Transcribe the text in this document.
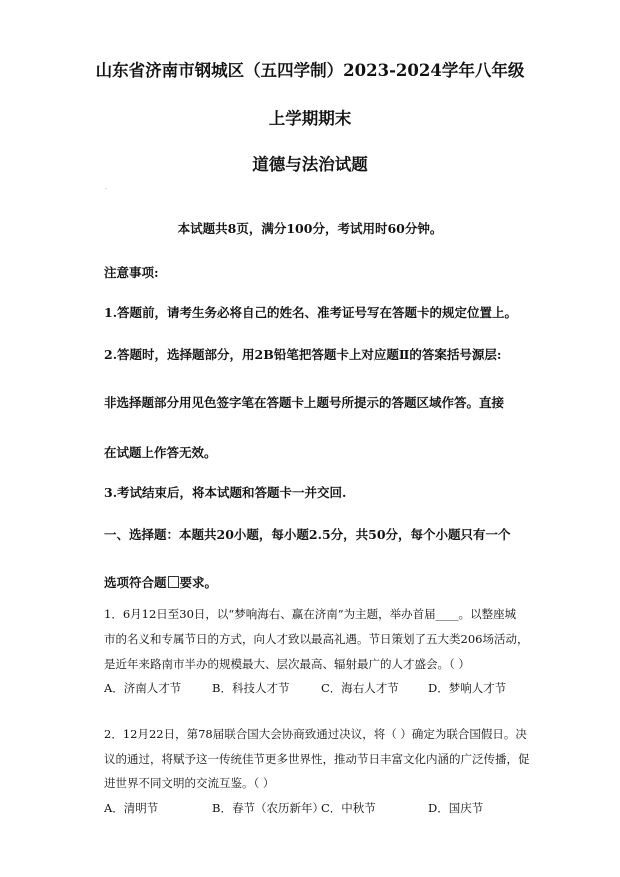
山东省济南市钢城区（五四学制）2023-2024学年八年级
上学期期末
道德与法治试题
.
本试题共8页，满分100分，考试用时60分钟。
注意事项:
1.答题前，请考生务必将自己的姓名、准考证号写在答题卡的规定位置上。
2.答题时，选择题部分，用2B铅笔把答题卡上对应题Ⅱ的答案括号源层:
非选择题部分用见色签字笔在答题卡上题号所提示的答题区域作答。直接
在试题上作答无效。
3.考试结束后，将本试题和答题卡一并交回.
一、选择题：本题共20小题，每小题2.5分，共50分，每个小题只有一个
选项符合题 要求。
1．6月12日至30日，以“梦响海右、赢在济南”为主题，举办首届____。以整座城
市的名义和专属节日的方式，向人才致以最高礼遇。节日策划了五大类206场活动，
是近年来路南市半办的规模最大、层次最高、辐射最广的人才盛会。（ ）
A．济南人才节	B．科技人才节	C．海右人才节	D．梦响人才节
2．12月22日，第78届联合国大会协商致通过决议，将（ ）确定为联合国假日。决
议的通过，将赋予这一传统佳节更多世界性，推动节日丰富文化内涵的广泛传播，促
进世界不同文明的交流互鉴。（ ）
A．清明节	B．春节（农历新年）
C．中秋节	D．国庆节
